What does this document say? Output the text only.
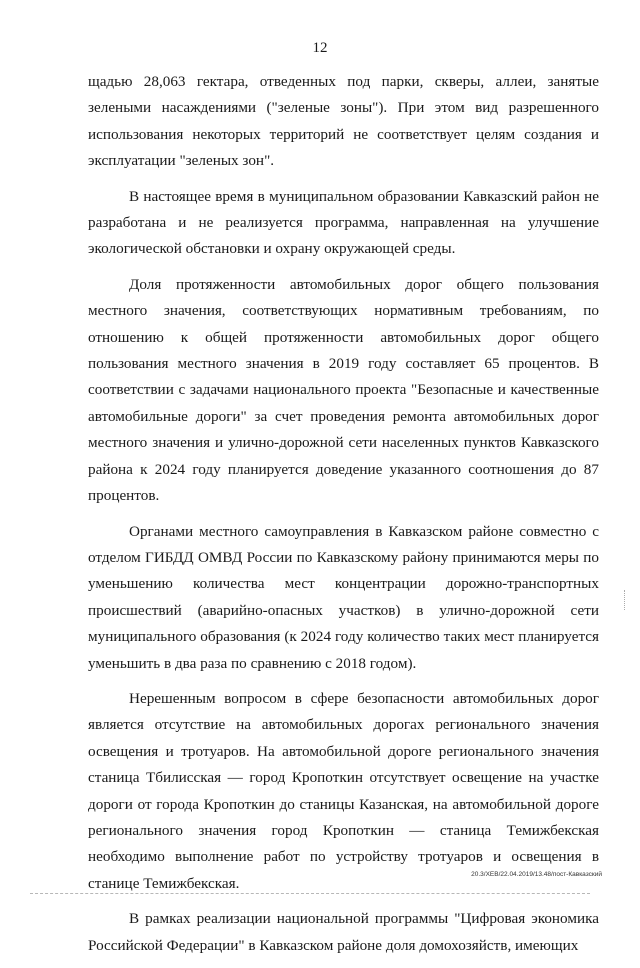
12

щадью 28,063 гектара, отведенных под парки, скверы, аллеи, занятые зелеными насаждениями ("зеленые зоны"). При этом вид разрешенного использования некоторых территорий не соответствует целям создания и эксплуатации "зеленых зон".

В настоящее время в муниципальном образовании Кавказский район не разработана и не реализуется программа, направленная на улучшение экологической обстановки и охрану окружающей среды.

Доля протяженности автомобильных дорог общего пользования местного значения, соответствующих нормативным требованиям, по отношению к общей протяженности автомобильных дорог общего пользования местного значения в 2019 году составляет 65 процентов. В соответствии с задачами национального проекта "Безопасные и качественные автомобильные дороги" за счет проведения ремонта автомобильных дорог местного значения и улично-дорожной сети населенных пунктов Кавказского района к 2024 году планируется доведение указанного соотношения до 87 процентов.

Органами местного самоуправления в Кавказском районе совместно с отделом ГИБДД ОМВД России по Кавказскому району принимаются меры по уменьшению количества мест концентрации дорожно-транспортных происшествий (аварийно-опасных участков) в улично-дорожной сети муниципального образования (к 2024 году количество таких мест планируется уменьшить в два раза по сравнению с 2018 годом).

Нерешенным вопросом в сфере безопасности автомобильных дорог является отсутствие на автомобильных дорогах регионального значения освещения и тротуаров. На автомобильной дороге регионального значения станица Тбилисская — город Кропоткин отсутствует освещение на участке дороги от города Кропоткин до станицы Казанская, на автомобильной дороге регионального значения город Кропоткин — станица Темижбекская необходимо выполнение работ по устройству тротуаров и освещения в станице Темижбекская.

В рамках реализации национальной программы "Цифровая экономика Российской Федерации" в Кавказском районе доля домохозяйств, имеющих

20.3/XEB/22.04.2019/13.48/пост-Кавказский
